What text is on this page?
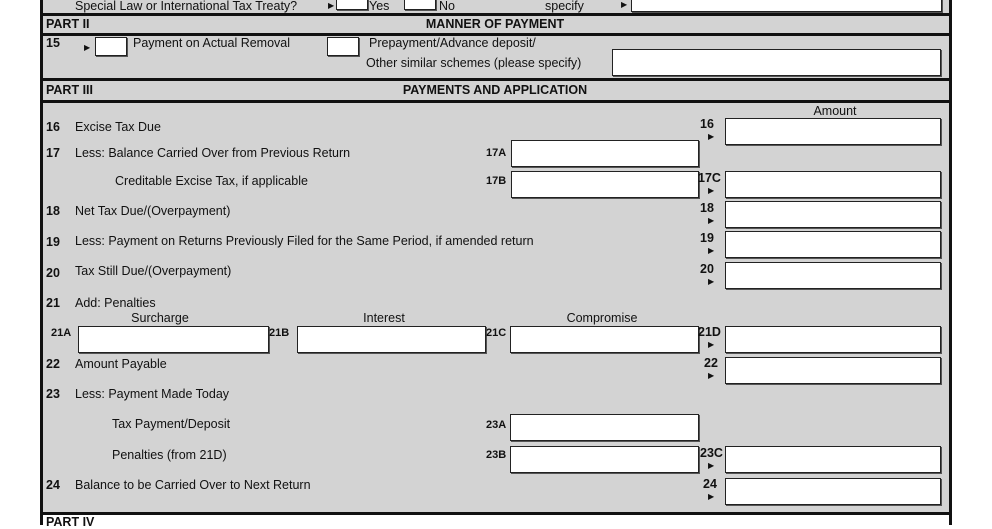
Special Law or International Tax Treaty?	▶	Yes	No	specify	▶
PART II	MANNER OF PAYMENT
15	▶	Payment on Actual Removal	Prepayment/Advance deposit/
Other similar schemes (please specify)
PART III	PAYMENTS AND APPLICATION
Amount
16 Excise Tax Due	16
▶
17 Less: Balance Carried Over from Previous Return	17A
Creditable Excise Tax, if applicable	17B	17C
▶
18 Net Tax Due/(Overpayment)	18
▶
19 Less: Payment on Returns Previously Filed for the Same Period, if amended return	19
▶
20 Tax Still Due/(Overpayment)	20
▶
21 Add: Penalties
Surcharge	Interest	Compromise
21A	21B	21C	21D
▶
22 Amount Payable	22
▶
23 Less: Payment Made Today
Tax Payment/Deposit	23A
Penalties (from 21D)	23B	23C
▶
24 Balance to be Carried Over to Next Return	24
▶
PART IV
